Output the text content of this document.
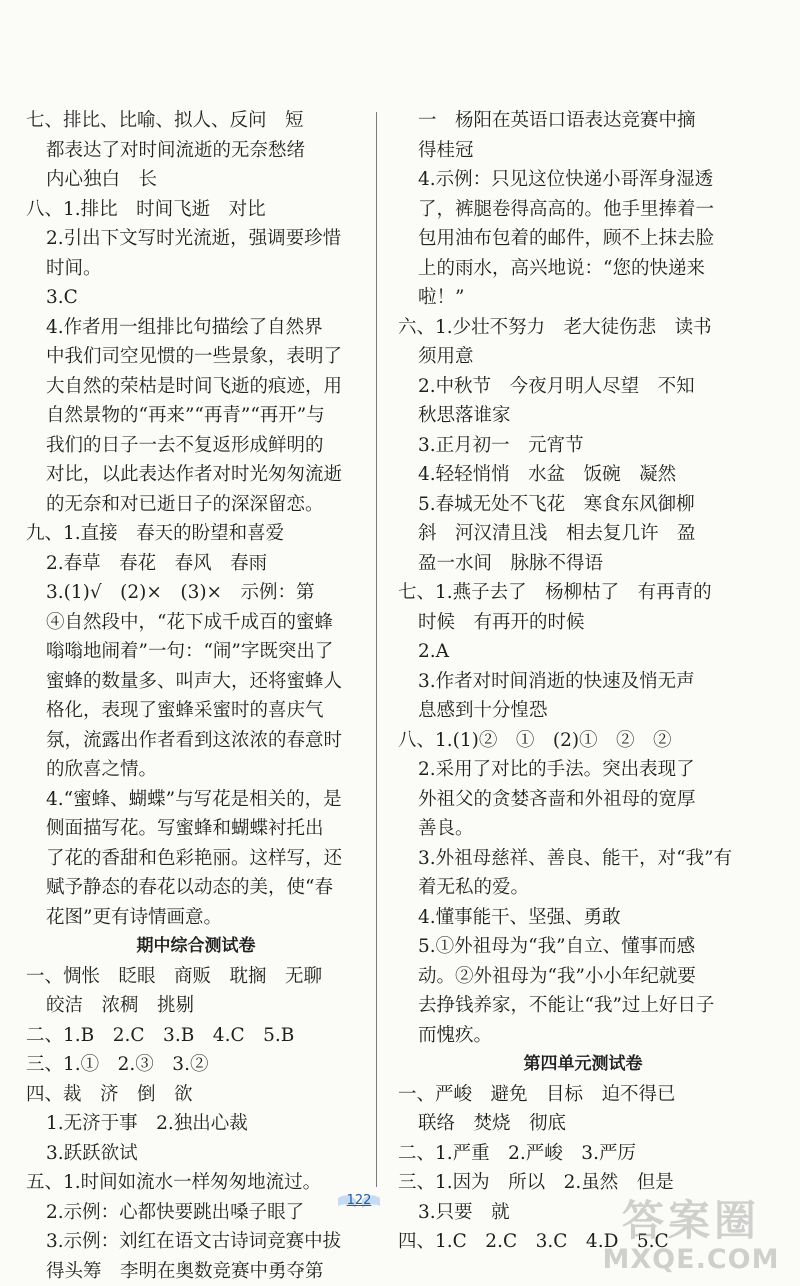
七、排比、比喻、拟人、反问　短
都表达了对时间流逝的无奈愁绪
内心独白　长
八、1.排比　时间飞逝　对比
2.引出下文写时光流逝，强调要珍惜
时间。
3.C
4.作者用一组排比句描绘了自然界
中我们司空见惯的一些景象，表明了
大自然的荣枯是时间飞逝的痕迹，用
自然景物的“再来”“再青”“再开”与
我们的日子一去不复返形成鲜明的
对比，以此表达作者对时光匆匆流逝
的无奈和对已逝日子的深深留恋。
九、1.直接　春天的盼望和喜爱
2.春草　春花　春风　春雨
3.(1)√　(2)×　(3)×　示例：第
④自然段中，“花下成千成百的蜜蜂
嗡嗡地闹着”一句：“闹”字既突出了
蜜蜂的数量多、叫声大，还将蜜蜂人
格化，表现了蜜蜂采蜜时的喜庆气
氛，流露出作者看到这浓浓的春意时
的欣喜之情。
4.“蜜蜂、蝴蝶”与写花是相关的，是
侧面描写花。写蜜蜂和蝴蝶衬托出
了花的香甜和色彩艳丽。这样写，还
赋予静态的春花以动态的美，使“春
花图”更有诗情画意。
期中综合测试卷
一、惆怅　眨眼　商贩　耽搁　无聊
皎洁　浓稠　挑剔
二、1.B　2.C　3.B　4.C　5.B
三、1.①　2.③　3.②
四、裁　济　倒　欲
1.无济于事　2.独出心裁
3.跃跃欲试
五、1.时间如流水一样匆匆地流过。
2.示例：心都快要跳出嗓子眼了
3.示例：刘红在语文古诗词竞赛中拔
得头筹　李明在奥数竞赛中勇夺第
一　杨阳在英语口语表达竞赛中摘
得桂冠
4.示例：只见这位快递小哥浑身湿透
了，裤腿卷得高高的。他手里捧着一
包用油布包着的邮件，顾不上抹去脸
上的雨水，高兴地说：“您的快递来
啦！”
六、1.少壮不努力　老大徒伤悲　读书
须用意
2.中秋节　今夜月明人尽望　不知
秋思落谁家
3.正月初一　元宵节
4.轻轻悄悄　水盆　饭碗　凝然
5.春城无处不飞花　寒食东风御柳
斜　河汉清且浅　相去复几许　盈
盈一水间　脉脉不得语
七、1.燕子去了　杨柳枯了　有再青的
时候　有再开的时候
2.A
3.作者对时间消逝的快速及悄无声
息感到十分惶恐
八、1.(1)②　①　(2)①　②　②
2.采用了对比的手法。突出表现了
外祖父的贪婪吝啬和外祖母的宽厚
善良。
3.外祖母慈祥、善良、能干，对“我”有
着无私的爱。
4.懂事能干、坚强、勇敢
5.①外祖母为“我”自立、懂事而感
动。②外祖母为“我”小小年纪就要
去挣钱养家，不能让“我”过上好日子
而愧疚。
第四单元测试卷
一、严峻　避免　目标　迫不得已
联络　焚烧　彻底
二、1.严重　2.严峻　3.严厉
三、1.因为　所以　2.虽然　但是
3.只要　就
四、1.C　2.C　3.C　4.D　5.C
122	答案圈
MXQE.COM
